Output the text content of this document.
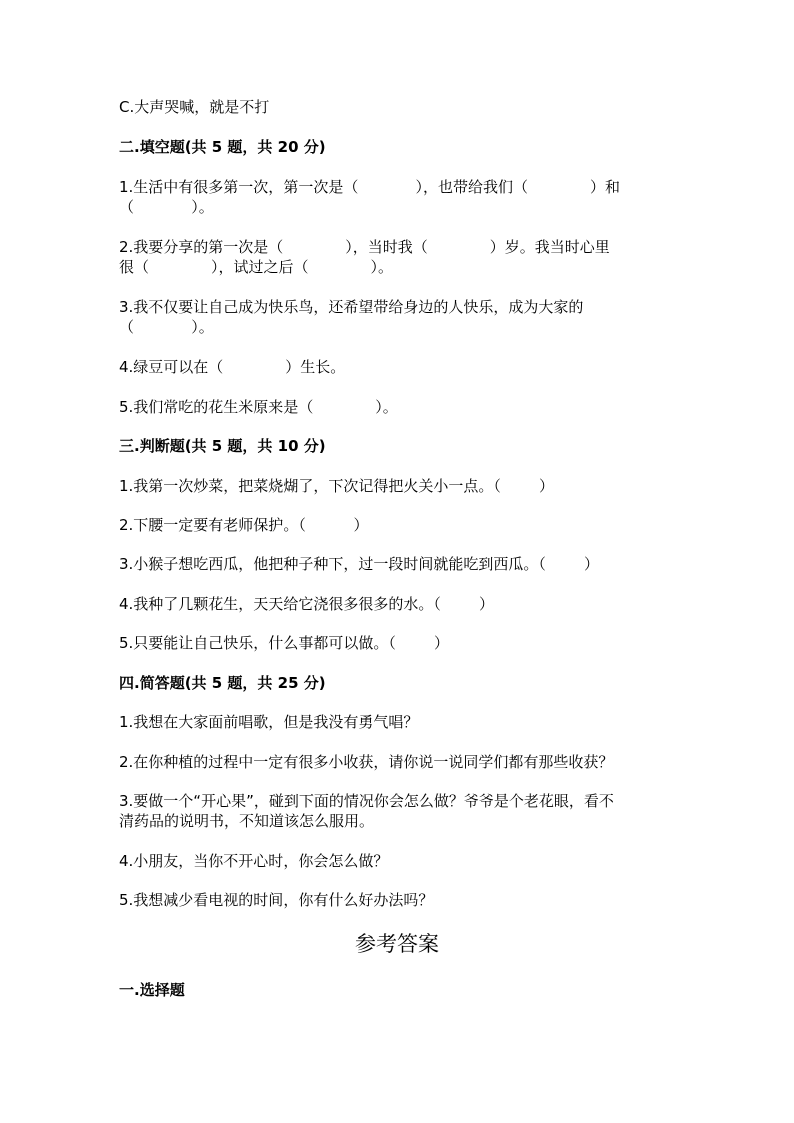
C.大声哭喊，就是不打
二.填空题(共 5 题，共 20 分)
1.生活中有很多第一次，第一次是（            ），也带给我们（             ）和
（            ）。
2.我要分享的第一次是（             ），当时我（             ）岁。我当时心里
很（             ），试过之后（             ）。
3.我不仅要让自己成为快乐鸟，还希望带给身边的人快乐，成为大家的
（            ）。
4.绿豆可以在（             ）生长。
5.我们常吃的花生米原来是（             ）。
三.判断题(共 5 题，共 10 分)
1.我第一次炒菜，把菜烧煳了，下次记得把火关小一点。（        ）
2.下腰一定要有老师保护。（          ）
3.小猴子想吃西瓜，他把种子种下，过一段时间就能吃到西瓜。（        ）
4.我种了几颗花生，天天给它浇很多很多的水。（        ）
5.只要能让自己快乐，什么事都可以做。（        ）
四.简答题(共 5 题，共 25 分)
1.我想在大家面前唱歌，但是我没有勇气唱？
2.在你种植的过程中一定有很多小收获，请你说一说同学们都有那些收获？
3.要做一个“开心果”，碰到下面的情况你会怎么做？爷爷是个老花眼，看不
清药品的说明书，不知道该怎么服用。
4.小朋友，当你不开心时，你会怎么做？
5.我想减少看电视的时间，你有什么好办法吗？
参考答案
一.选择题
